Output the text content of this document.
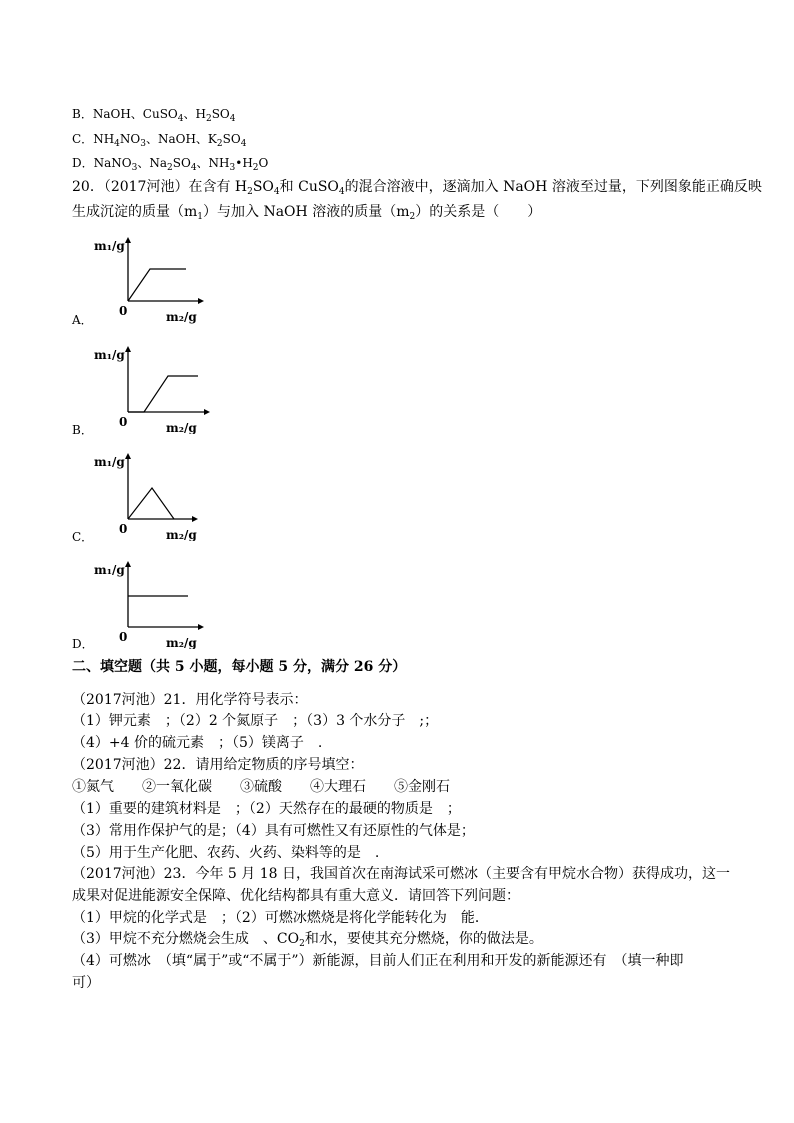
B．NaOH、CuSO$_4$、$H_2SO_4$
C．$NH_4NO_3$、NaOH、$K_2SO_4$
D．NaNO$_3$、$Na_2SO_4$、$NH_3•H_2O$
20．（2017河池）在含有 $H_2SO_4$和 CuSO$_4$的混合溶液中，逐滴加入 NaOH 溶液至过量，下列图象能正确反映
生成沉淀的质量$(m_1)$与加入 NaOH 溶液的质量$(m_2)$的关系是（　　）
A．
m₁/g
0	m₂/g
B．
m₁/g
0	m₂/g
C．
m₁/g
0	m₂/g
D．
m₁/g
0	m₂/g
二、填空题（共 5 小题，每小题 5 分，满分 26 分）
（2017河池）21．用化学符号表示：
（1）钾元素　；（2）2 个氮原子　；（3）3 个水分子　;；
（4）+4 价的硫元素　；（5）镁离子　.
（2017河池）22．请用给定物质的序号填空：
①氮气　　②一氧化碳　　③硫酸　　④大理石　　⑤金刚石
（1）重要的建筑材料是　；（2）天然存在的最硬的物质是　；
（3）常用作保护气的是；（4）具有可燃性又有还原性的气体是；
（5）用于生产化肥、农药、火药、染料等的是　.
（2017河池）23．今年 5 月 18 日，我国首次在南海试采可燃冰（主要含有甲烷水合物）获得成功，这一
成果对促进能源安全保障、优化结构都具有重大意义．请回答下列问题：
（1）甲烷的化学式是　；（2）可燃冰燃烧是将化学能转化为　能．
（3）甲烷不充分燃烧会生成　、$CO_2$和水，要使其充分燃烧，你的做法是。
（4）可燃冰　（填“属于”或“不属于”）新能源，目前人们正在利用和开发的新能源还有　（填一种即
可）
